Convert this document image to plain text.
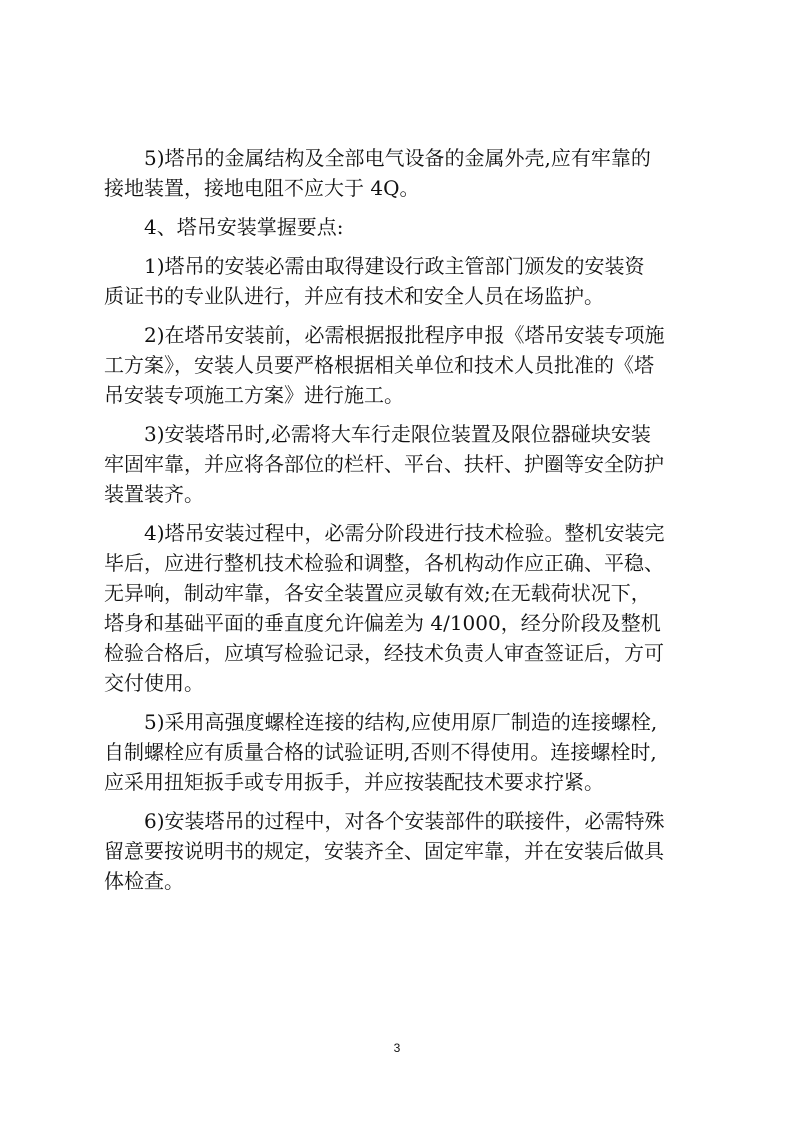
5)塔吊的金属结构及全部电气设备的金属外壳,应有牢靠的
接地装置，接地电阻不应大于 4Q。
4、塔吊安装掌握要点:
1)塔吊的安装必需由取得建设行政主管部门颁发的安装资
质证书的专业队进行，并应有技术和安全人员在场监护。
2)在塔吊安装前，必需根据报批程序申报《塔吊安装专项施
工方案》，安装人员要严格根据相关单位和技术人员批准的《塔
吊安装专项施工方案》进行施工。
3)安装塔吊时,必需将大车行走限位装置及限位器碰块安装
牢固牢靠，并应将各部位的栏杆、平台、扶杆、护圈等安全防护
装置装齐。
4)塔吊安装过程中，必需分阶段进行技术检验。整机安装完
毕后，应进行整机技术检验和调整，各机构动作应正确、平稳、
无异响，制动牢靠，各安全装置应灵敏有效;在无载荷状况下，
塔身和基础平面的垂直度允许偏差为 4/1000，经分阶段及整机
检验合格后，应填写检验记录，经技术负责人审查签证后，方可
交付使用。
5)采用高强度螺栓连接的结构,应使用原厂制造的连接螺栓,
自制螺栓应有质量合格的试验证明,否则不得使用。连接螺栓时,
应采用扭矩扳手或专用扳手，并应按装配技术要求拧紧。
6)安装塔吊的过程中，对各个安装部件的联接件，必需特殊
留意要按说明书的规定，安装齐全、固定牢靠，并在安装后做具
体检查。
3
